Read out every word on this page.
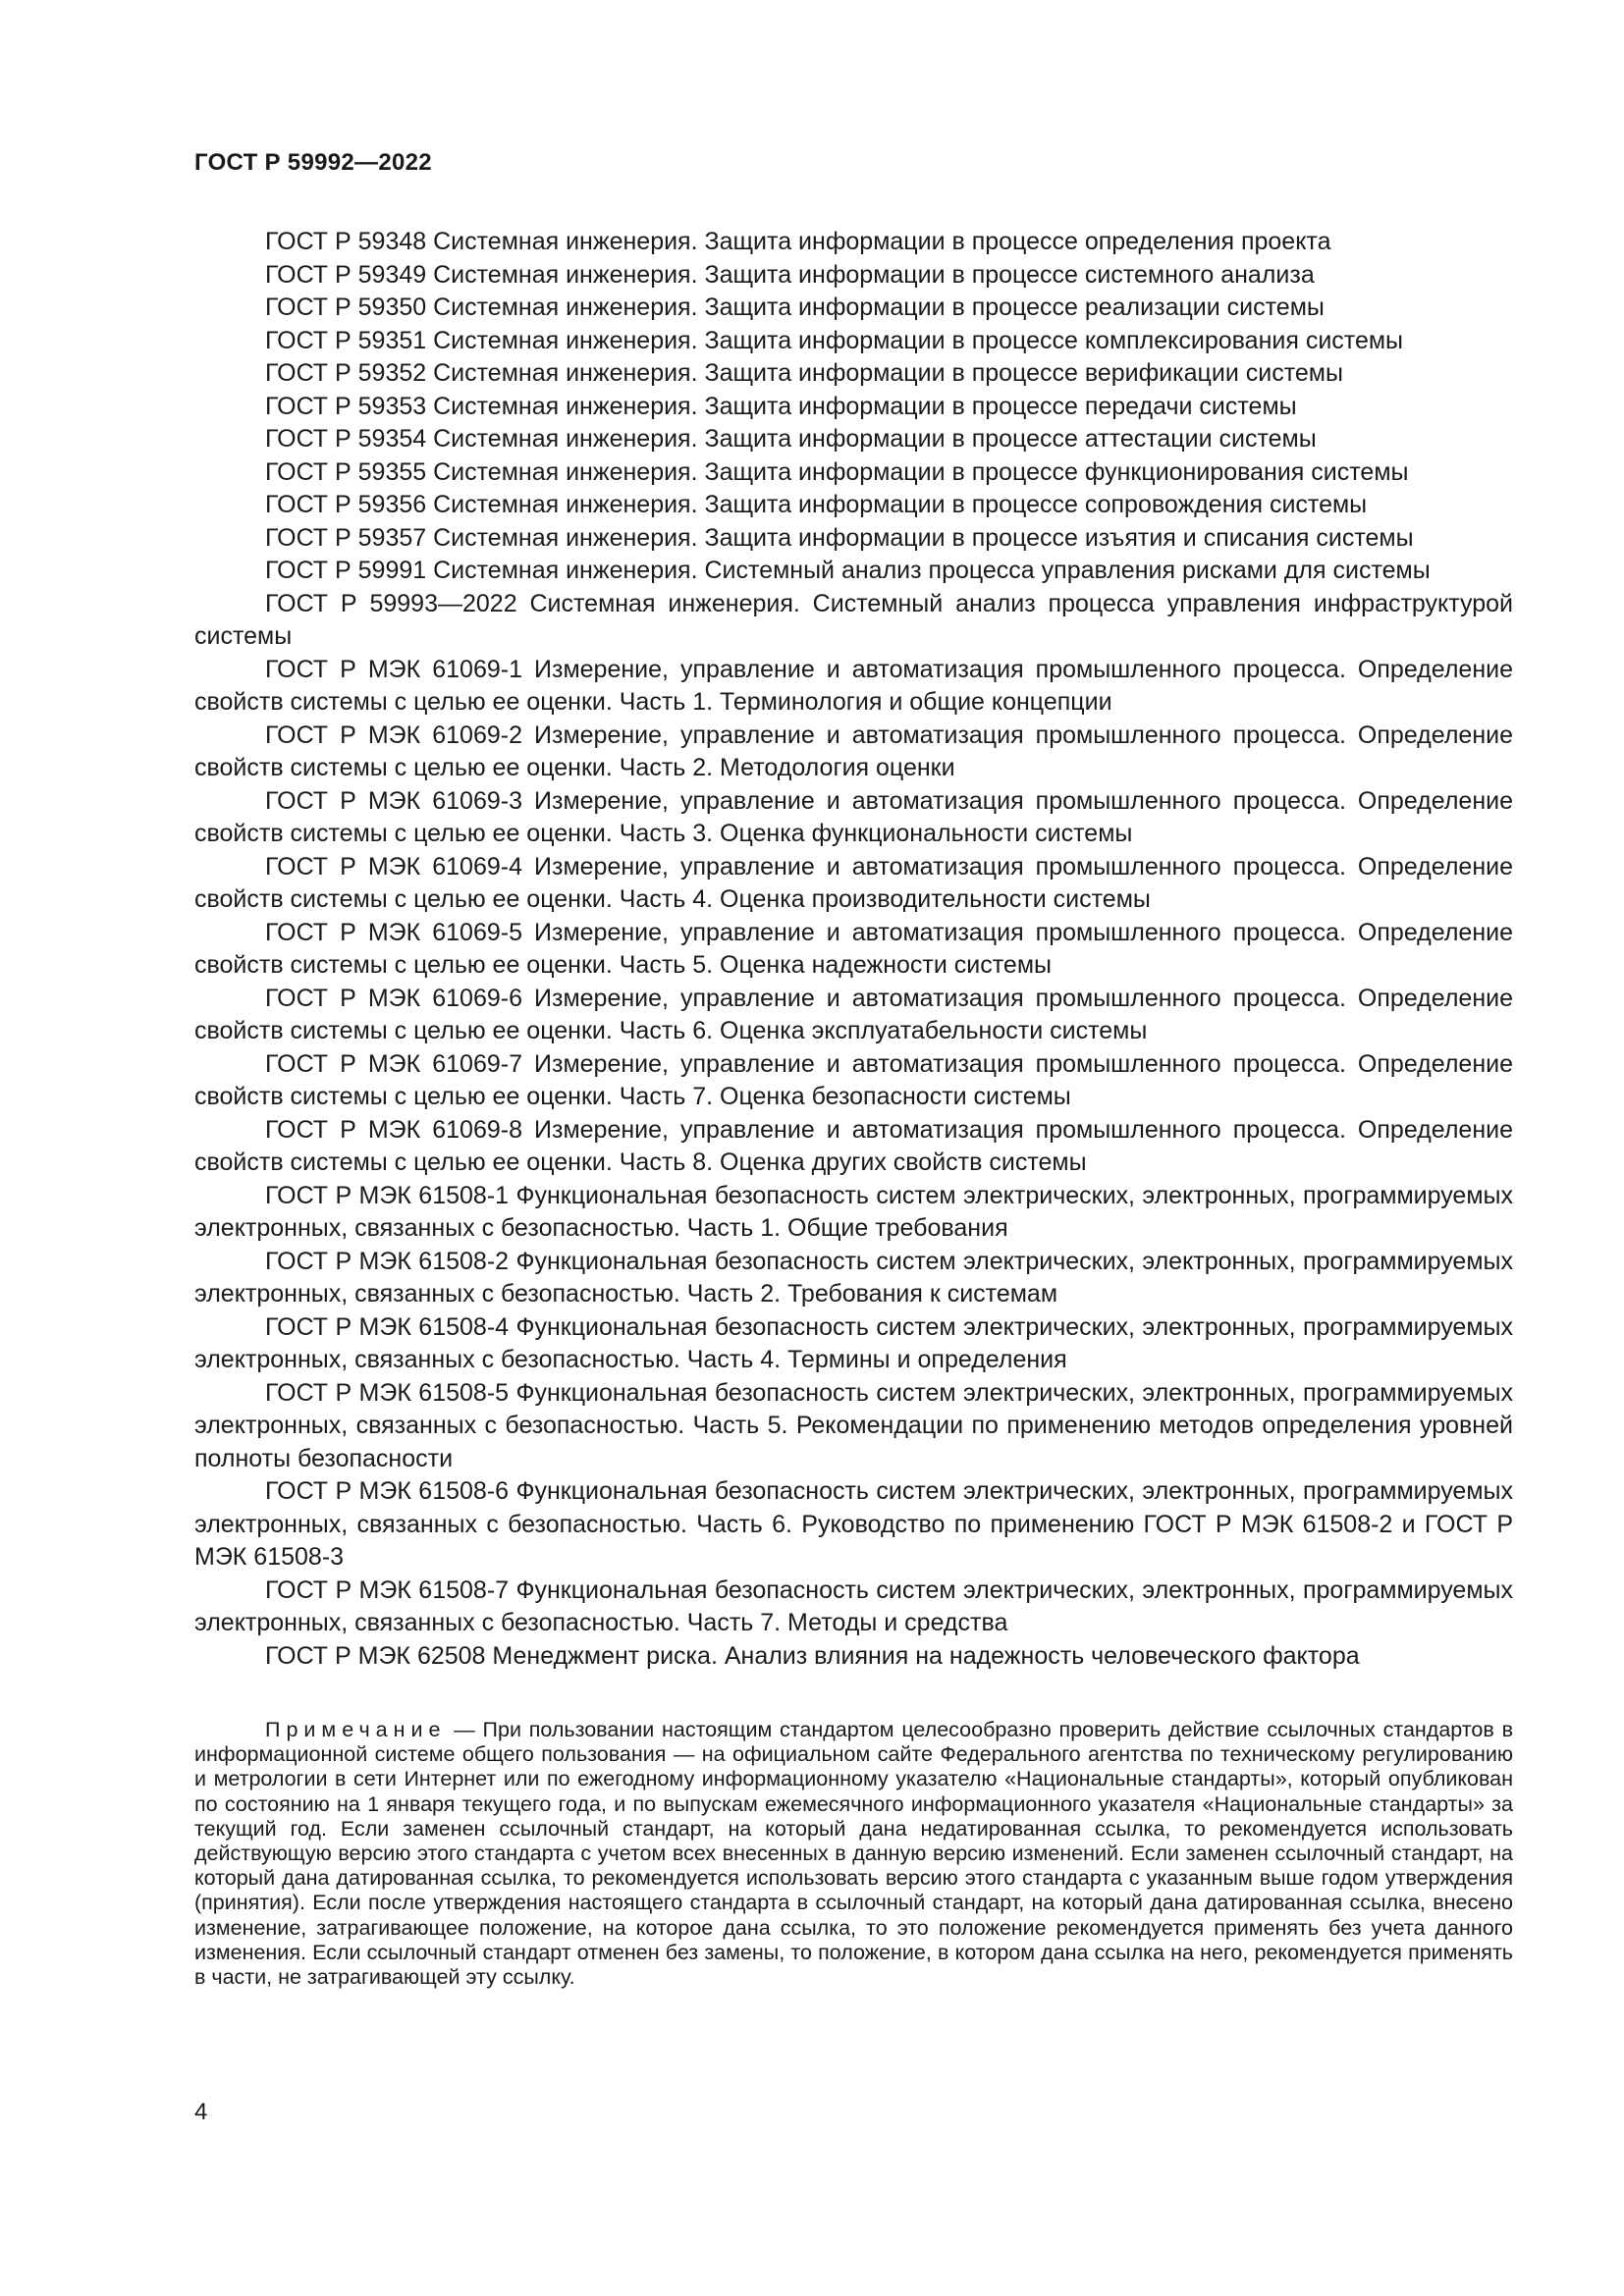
ГОСТ Р 59992—2022

ГОСТ Р 59348 Системная инженерия. Защита информации в процессе определения проекта

ГОСТ Р 59349 Системная инженерия. Защита информации в процессе системного анализа

ГОСТ Р 59350 Системная инженерия. Защита информации в процессе реализации системы

ГОСТ Р 59351 Системная инженерия. Защита информации в процессе комплексирования системы

ГОСТ Р 59352 Системная инженерия. Защита информации в процессе верификации системы

ГОСТ Р 59353 Системная инженерия. Защита информации в процессе передачи системы

ГОСТ Р 59354 Системная инженерия. Защита информации в процессе аттестации системы

ГОСТ Р 59355 Системная инженерия. Защита информации в процессе функционирования системы

ГОСТ Р 59356 Системная инженерия. Защита информации в процессе сопровождения системы

ГОСТ Р 59357 Системная инженерия. Защита информации в процессе изъятия и списания системы

ГОСТ Р 59991 Системная инженерия. Системный анализ процесса управления рисками для системы

ГОСТ Р 59993—2022 Системная инженерия. Системный анализ процесса управления инфраструктурой системы

ГОСТ Р МЭК 61069-1 Измерение, управление и автоматизация промышленного процесса. Определение свойств системы с целью ее оценки. Часть 1. Терминология и общие концепции

ГОСТ Р МЭК 61069-2 Измерение, управление и автоматизация промышленного процесса. Определение свойств системы с целью ее оценки. Часть 2. Методология оценки

ГОСТ Р МЭК 61069-3 Измерение, управление и автоматизация промышленного процесса. Определение свойств системы с целью ее оценки. Часть 3. Оценка функциональности системы

ГОСТ Р МЭК 61069-4 Измерение, управление и автоматизация промышленного процесса. Определение свойств системы с целью ее оценки. Часть 4. Оценка производительности системы

ГОСТ Р МЭК 61069-5 Измерение, управление и автоматизация промышленного процесса. Определение свойств системы с целью ее оценки. Часть 5. Оценка надежности системы

ГОСТ Р МЭК 61069-6 Измерение, управление и автоматизация промышленного процесса. Определение свойств системы с целью ее оценки. Часть 6. Оценка эксплуатабельности системы

ГОСТ Р МЭК 61069-7 Измерение, управление и автоматизация промышленного процесса. Определение свойств системы с целью ее оценки. Часть 7. Оценка безопасности системы

ГОСТ Р МЭК 61069-8 Измерение, управление и автоматизация промышленного процесса. Определение свойств системы с целью ее оценки. Часть 8. Оценка других свойств системы

ГОСТ Р МЭК 61508-1 Функциональная безопасность систем электрических, электронных, программируемых электронных, связанных с безопасностью. Часть 1. Общие требования

ГОСТ Р МЭК 61508-2 Функциональная безопасность систем электрических, электронных, программируемых электронных, связанных с безопасностью. Часть 2. Требования к системам

ГОСТ Р МЭК 61508-4 Функциональная безопасность систем электрических, электронных, программируемых электронных, связанных с безопасностью. Часть 4. Термины и определения

ГОСТ Р МЭК 61508-5 Функциональная безопасность систем электрических, электронных, программируемых электронных, связанных с безопасностью. Часть 5. Рекомендации по применению методов определения уровней полноты безопасности

ГОСТ Р МЭК 61508-6 Функциональная безопасность систем электрических, электронных, программируемых электронных, связанных с безопасностью. Часть 6. Руководство по применению ГОСТ Р МЭК 61508-2 и ГОСТ Р МЭК 61508-3

ГОСТ Р МЭК 61508-7 Функциональная безопасность систем электрических, электронных, программируемых электронных, связанных с безопасностью. Часть 7. Методы и средства

ГОСТ Р МЭК 62508 Менеджмент риска. Анализ влияния на надежность человеческого фактора

Примечание — При пользовании настоящим стандартом целесообразно проверить действие ссылочных стандартов в информационной системе общего пользования — на официальном сайте Федерального агентства по техническому регулированию и метрологии в сети Интернет или по ежегодному информационному указателю «Национальные стандарты», который опубликован по состоянию на 1 января текущего года, и по выпускам ежемесячного информационного указателя «Национальные стандарты» за текущий год. Если заменен ссылочный стандарт, на который дана недатированная ссылка, то рекомендуется использовать действующую версию этого стандарта с учетом всех внесенных в данную версию изменений. Если заменен ссылочный стандарт, на который дана датированная ссылка, то рекомендуется использовать версию этого стандарта с указанным выше годом утверждения (принятия). Если после утверждения настоящего стандарта в ссылочный стандарт, на который дана датированная ссылка, внесено изменение, затрагивающее положение, на которое дана ссылка, то это положение рекомендуется применять без учета данного изменения. Если ссылочный стандарт отменен без замены, то положение, в котором дана ссылка на него, рекомендуется применять в части, не затрагивающей эту ссылку.
4
